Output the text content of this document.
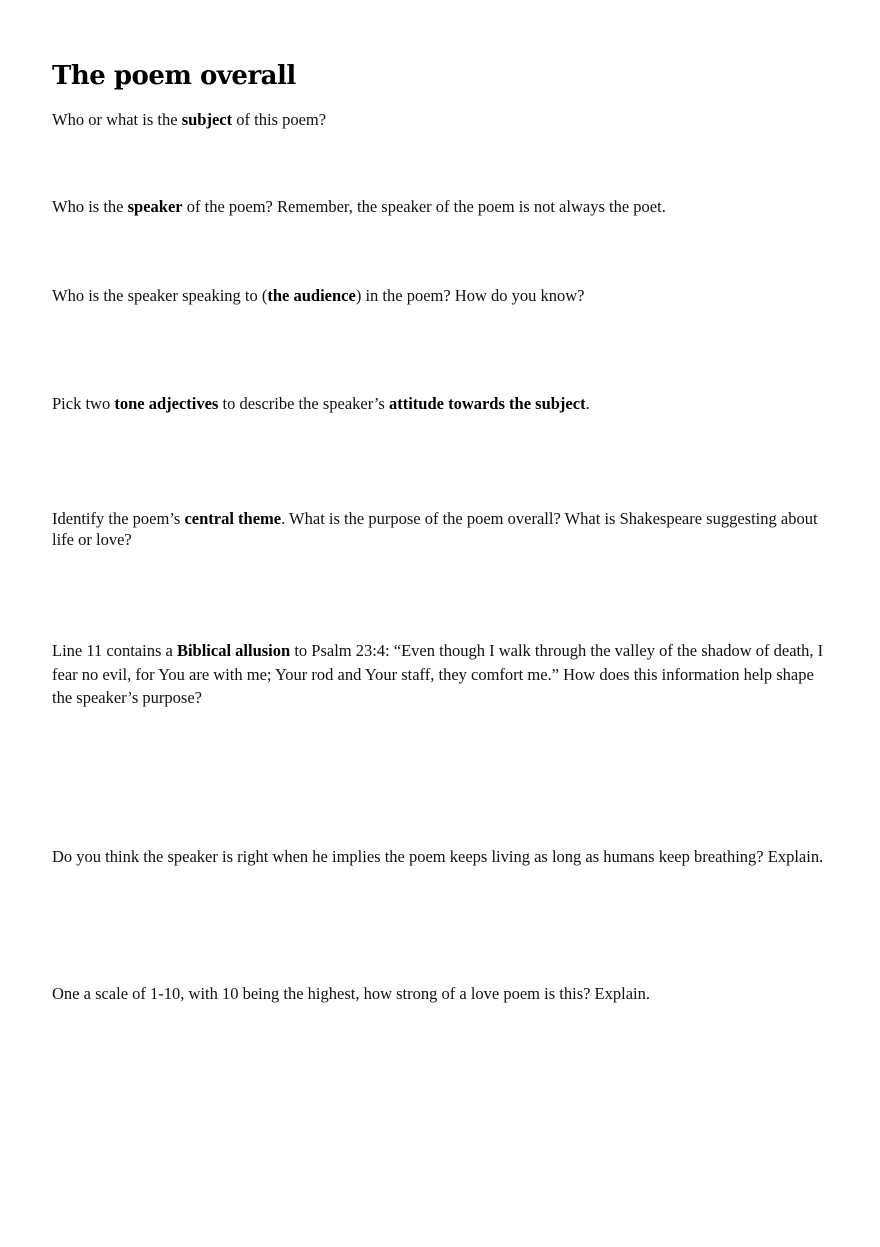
The poem overall

Who or what is the subject of this poem?

Who is the speaker of the poem? Remember, the speaker of the poem is not always the poet.

Who is the speaker speaking to (the audience) in the poem? How do you know?

Pick two tone adjectives to describe the speaker’s attitude towards the subject.

Identify the poem’s central theme. What is the purpose of the poem overall? What is Shakespeare suggesting about life or love?

Line 11 contains a Biblical allusion to Psalm 23:4: “Even though I walk through the valley of the shadow of death, I fear no evil, for You are with me; Your rod and Your staff, they comfort me.” How does this information help shape the speaker’s purpose?

Do you think the speaker is right when he implies the poem keeps living as long as humans keep breathing? Explain.

One a scale of 1-10, with 10 being the highest, how strong of a love poem is this? Explain.
